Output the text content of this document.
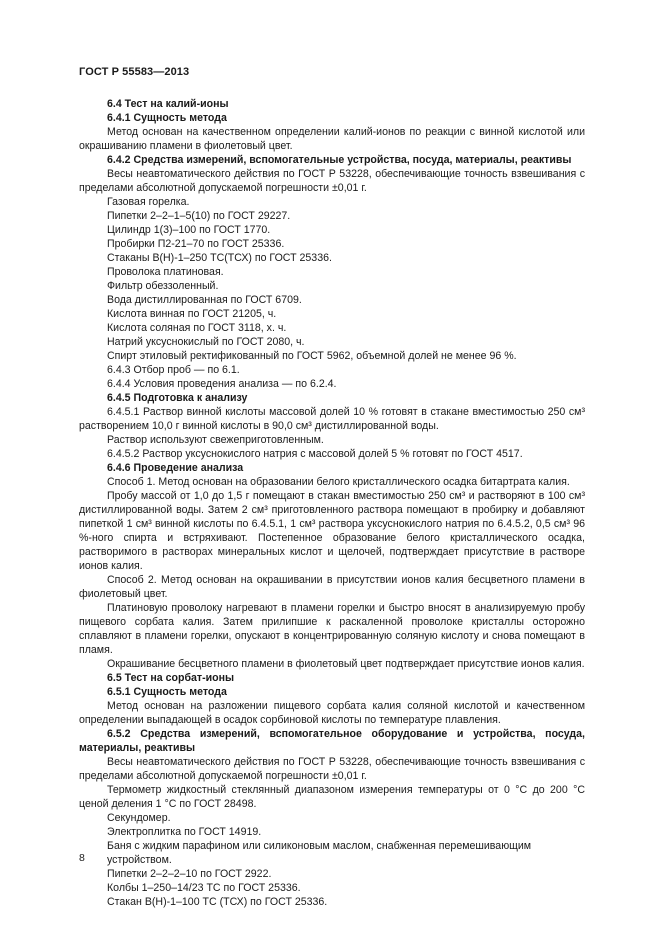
ГОСТ Р 55583—2013

6.4 Тест на калий-ионы

6.4.1 Сущность метода

Метод основан на качественном определении калий-ионов по реакции с винной кислотой или окрашиванию пламени в фиолетовый цвет.

6.4.2 Средства измерений, вспомогательные устройства, посуда, материалы, реактивы

Весы неавтоматического действия по ГОСТ Р 53228, обеспечивающие точность взвешивания с пределами абсолютной допускаемой погрешности ±0,01 г.

Газовая горелка.

Пипетки 2–2–1–5(10) по ГОСТ 29227.

Цилиндр 1(3)–100 по ГОСТ 1770.

Пробирки П2-21–70 по ГОСТ 25336.

Стаканы В(Н)-1–250 ТС(ТСХ) по ГОСТ 25336.

Проволока платиновая.

Фильтр обеззоленный.

Вода дистиллированная по ГОСТ 6709.

Кислота винная по ГОСТ 21205, ч.

Кислота соляная по ГОСТ 3118, х. ч.

Натрий уксуснокислый по ГОСТ 2080, ч.

Спирт этиловый ректификованный по ГОСТ 5962, объемной долей не менее 96 %.

6.4.3 Отбор проб — по 6.1.

6.4.4 Условия проведения анализа — по 6.2.4.

6.4.5 Подготовка к анализу

6.4.5.1 Раствор винной кислоты массовой долей 10 % готовят в стакане вместимостью 250 см³ растворением 10,0 г винной кислоты в 90,0 см³ дистиллированной воды.

Раствор используют свежеприготовленным.

6.4.5.2 Раствор уксуснокислого натрия с массовой долей 5 % готовят по ГОСТ 4517.

6.4.6 Проведение анализа

Способ 1. Метод основан на образовании белого кристаллического осадка битартрата калия.

Пробу массой от 1,0 до 1,5 г помещают в стакан вместимостью 250 см³ и растворяют в 100 см³ дистиллированной воды. Затем 2 см³ приготовленного раствора помещают в пробирку и добавляют пипеткой 1 см³ винной кислоты по 6.4.5.1, 1 см³ раствора уксуснокислого натрия по 6.4.5.2, 0,5 см³ 96 %-ного спирта и встряхивают. Постепенное образование белого кристаллического осадка, растворимого в растворах минеральных кислот и щелочей, подтверждает присутствие в растворе ионов калия.

Способ 2. Метод основан на окрашивании в присутствии ионов калия бесцветного пламени в фиолетовый цвет.

Платиновую проволоку нагревают в пламени горелки и быстро вносят в анализируемую пробу пищевого сорбата калия. Затем прилипшие к раскаленной проволоке кристаллы осторожно сплавляют в пламени горелки, опускают в концентрированную соляную кислоту и снова помещают в пламя.

Окрашивание бесцветного пламени в фиолетовый цвет подтверждает присутствие ионов калия.

6.5 Тест на сорбат-ионы

6.5.1 Сущность метода

Метод основан на разложении пищевого сорбата калия соляной кислотой и качественном определении выпадающей в осадок сорбиновой кислоты по температуре плавления.

6.5.2 Средства измерений, вспомогательное оборудование и устройства, посуда, материалы, реактивы

Весы неавтоматического действия по ГОСТ Р 53228, обеспечивающие точность взвешивания с пределами абсолютной допускаемой погрешности ±0,01 г.

Термометр жидкостный стеклянный диапазоном измерения температуры от 0 °С до 200 °С ценой деления 1 °С по ГОСТ 28498.

Секундомер.

Электроплитка по ГОСТ 14919.

Баня с жидким парафином или силиконовым маслом, снабженная перемешивающим устройством.

Пипетки 2–2–2–10 по ГОСТ 2922.

Колбы 1–250–14/23 ТС по ГОСТ 25336.

Стакан В(Н)-1–100 ТС (ТСХ) по ГОСТ 25336.

8
